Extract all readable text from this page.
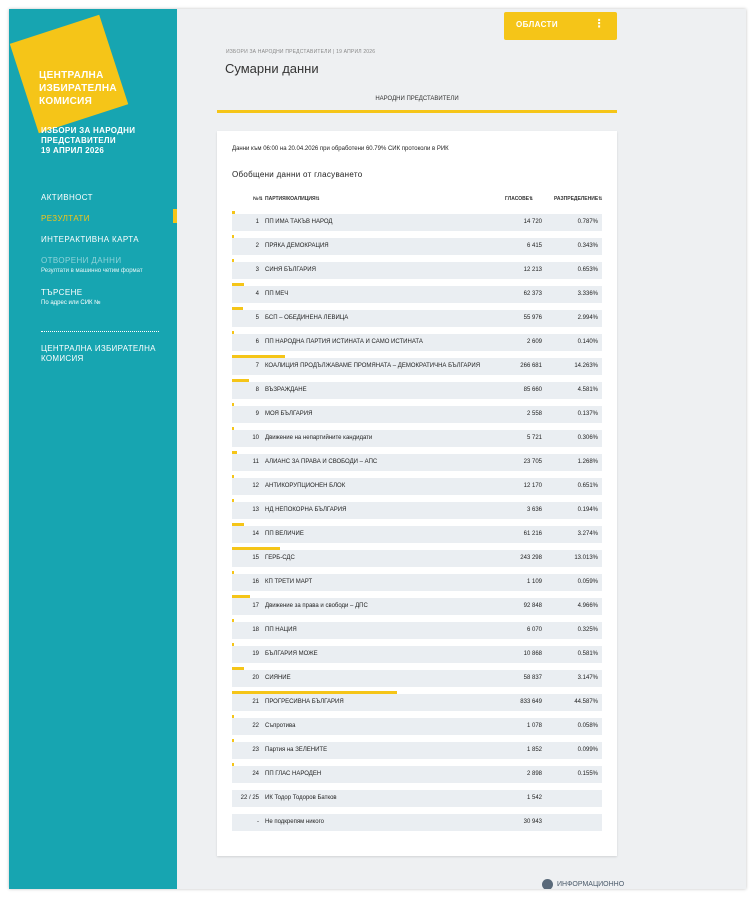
ЦЕНТРАЛНА
ИЗБИРАТЕЛНА
КОМИСИЯ
ИЗБОРИ ЗА НАРОДНИ
ПРЕДСТАВИТЕЛИ
19 АПРИЛ 2026
АКТИВНОСТ
РЕЗУЛТАТИ
ИНТЕРАКТИВНА КАРТА
ОТВОРЕНИ ДАННИ
Резултати в машинно четим формат
ТЪРСЕНЕ
По адрес или СИК №
ЦЕНТРАЛНА ИЗБИРАТЕЛНА
КОМИСИЯ
ОБЛАСТИ	⋮
ИЗБОРИ ЗА НАРОДНИ ПРЕДСТАВИТЕЛИ | 19 АПРИЛ 2026
Сумарни данни
НАРОДНИ ПРЕДСТАВИТЕЛИ
Данни към 06:00 на 20.04.2026 при обработени 60.79% СИК протоколи в РИК
Обобщени данни от гласуването
№⇅ ПАРТИЯ/КОАЛИЦИЯ⇅	ГЛАСОВЕ⇅	РАЗПРЕДЕЛЕНИЕ⇅
1 ПП ИМА ТАКЪВ НАРОД	14 720	0.787%
2 ПРЯКА ДЕМОКРАЦИЯ	6 415	0.343%
3 СИНЯ БЪЛГАРИЯ	12 213	0.653%
4 ПП МЕЧ	62 373	3.336%
5 БСП – ОБЕДИНЕНА ЛЕВИЦА	55 976	2.994%
6 ПП НАРОДНА ПАРТИЯ ИСТИНАТА И САМО ИСТИНАТА	2 609	0.140%
7 КОАЛИЦИЯ ПРОДЪЛЖАВАМЕ ПРОМЯНАТА – ДЕМОКРАТИЧНА БЪЛГАРИЯ	266 681	14.263%
8 ВЪЗРАЖДАНЕ	85 660	4.581%
9 МОЯ БЪЛГАРИЯ	2 558	0.137%
10 Движение на непартийните кандидати	5 721	0.306%
11 АЛИАНС ЗА ПРАВА И СВОБОДИ – АПС	23 705	1.268%
12 АНТИКОРУПЦИОНЕН БЛОК	12 170	0.651%
13 НД НЕПОКОРНА БЪЛГАРИЯ	3 636	0.194%
14 ПП ВЕЛИЧИЕ	61 216	3.274%
15 ГЕРБ-СДС	243 298	13.013%
16 КП ТРЕТИ МАРТ	1 109	0.059%
17 Движение за права и свободи – ДПС	92 848	4.966%
18 ПП НАЦИЯ	6 070	0.325%
19 БЪЛГАРИЯ МОЖЕ	10 868	0.581%
20 СИЯНИЕ	58 837	3.147%
21 ПРОГРЕСИВНА БЪЛГАРИЯ	833 649	44.587%
22 Съпротива	1 078	0.058%
23 Партия на ЗЕЛЕНИТЕ	1 852	0.099%
24 ПП ГЛАС НАРОДЕН	2 898	0.155%
22 / 25 ИК Тодор Тодоров Батков	1 542
- Не подкрепям никого	30 943
ИНФОРМАЦИОННО
